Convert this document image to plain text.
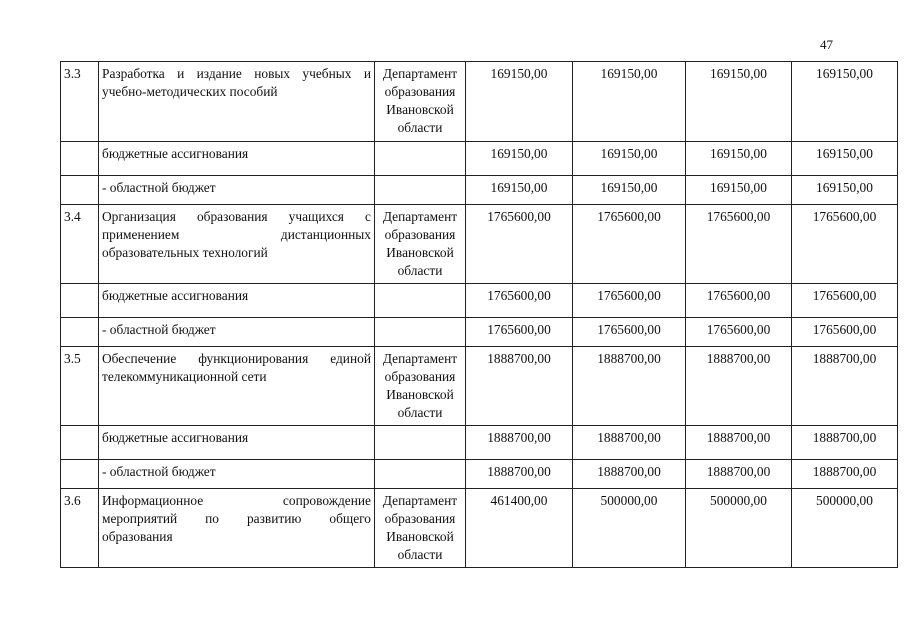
47
3.3	Разработка и издание новых учебных и учебно-методических пособий	Департамент образования Ивановской области	169150,00	169150,00	169150,00	169150,00
	бюджетные ассигнования		169150,00	169150,00	169150,00	169150,00
	- областной бюджет		169150,00	169150,00	169150,00	169150,00
3.4	Организация образования учащихся с применением дистанционных образовательных технологий	Департамент образования Ивановской области	1765600,00	1765600,00	1765600,00	1765600,00
	бюджетные ассигнования		1765600,00	1765600,00	1765600,00	1765600,00
	- областной бюджет		1765600,00	1765600,00	1765600,00	1765600,00
3.5	Обеспечение функционирования единой телекоммуникационной сети	Департамент образования Ивановской области	1888700,00	1888700,00	1888700,00	1888700,00
	бюджетные ассигнования		1888700,00	1888700,00	1888700,00	1888700,00
	- областной бюджет		1888700,00	1888700,00	1888700,00	1888700,00
3.6	Информационное сопровождение мероприятий по развитию общего образования	Департамент образования Ивановской области	461400,00	500000,00	500000,00	500000,00
